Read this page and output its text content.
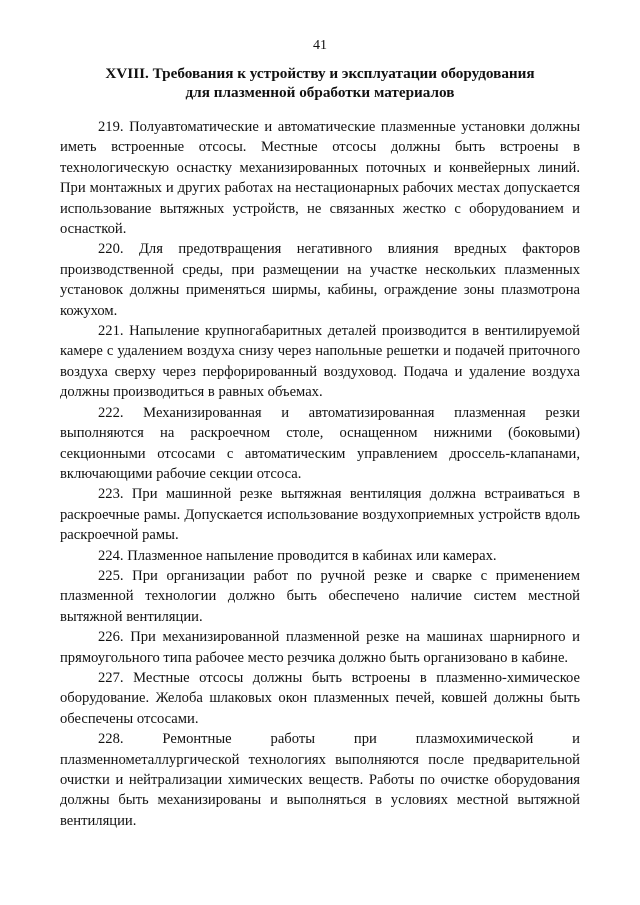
41
XVIII. Требования к устройству и эксплуатации оборудования
для плазменной обработки материалов

219. Полуавтоматические и автоматические плазменные установки должны иметь встроенные отсосы. Местные отсосы должны быть встроены в технологическую оснастку механизированных поточных и конвейерных линий. При монтажных и других работах на нестационарных рабочих местах допускается использование вытяжных устройств, не связанных жестко с оборудованием и оснасткой.

220. Для предотвращения негативного влияния вредных факторов производственной среды, при размещении на участке нескольких плазменных установок должны применяться ширмы, кабины, ограждение зоны плазмотрона кожухом.

221. Напыление крупногабаритных деталей производится в вентилируемой камере с удалением воздуха снизу через напольные решетки и подачей приточного воздуха сверху через перфорированный воздуховод. Подача и удаление воздуха должны производиться в равных объемах.

222. Механизированная и автоматизированная плазменная резки выполняются на раскроечном столе, оснащенном нижними (боковыми) секционными отсосами с автоматическим управлением дроссель-клапанами, включающими рабочие секции отсоса.

223. При машинной резке вытяжная вентиляция должна встраиваться в раскроечные рамы. Допускается использование воздухоприемных устройств вдоль раскроечной рамы.

224. Плазменное напыление проводится в кабинах или камерах.

225. При организации работ по ручной резке и сварке с применением плазменной технологии должно быть обеспечено наличие систем местной вытяжной вентиляции.

226. При механизированной плазменной резке на машинах шарнирного и прямоугольного типа рабочее место резчика должно быть организовано в кабине.

227. Местные отсосы должны быть встроены в плазменно-химическое оборудование. Желоба шлаковых окон плазменных печей, ковшей должны быть обеспечены отсосами.

228. Ремонтные работы при плазмохимической и плазменнометаллургической технологиях выполняются после предварительной очистки и нейтрализации химических веществ. Работы по очистке оборудования должны быть механизированы и выполняться в условиях местной вытяжной вентиляции.
